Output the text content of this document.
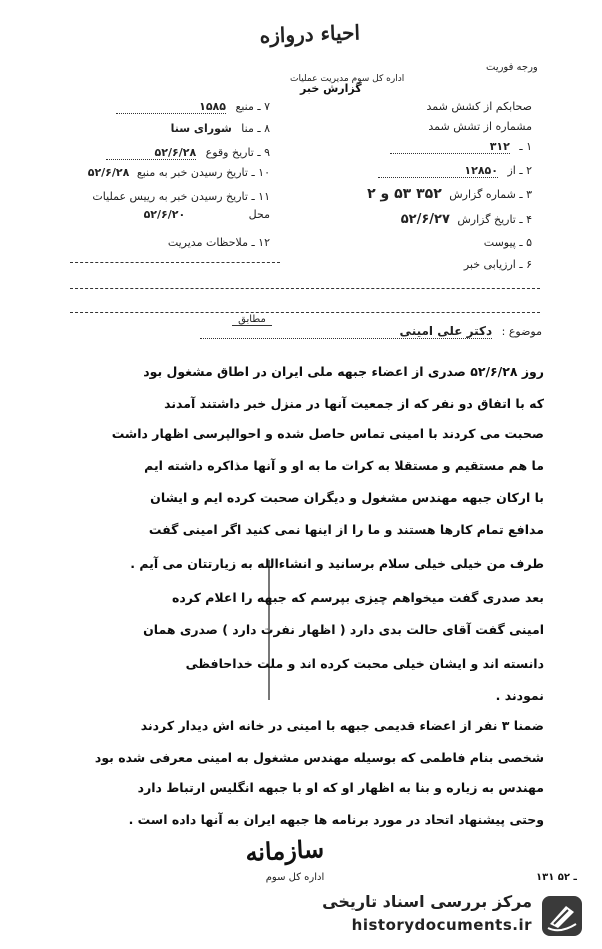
ﺍﺣﯿﺎﺀ ﺩﺭﻭﺍﺯﻩ
ﻭﺭﺟﻪ ﻓﻮﺭﯾﺖ
ﺍﺩﺍﺭﻩ ﮐﻞ ﺳﻮﻡ ﻣﺪﯾﺮﯾﺖ ﻋﻤﻠﯿﺎﺕ
ﮔﺰﺍﺭﺵ ﺧﺒﺮ
ﺻﺤﺎﺑﮑﻢ ﺍﺯ ﮐﺸﺶ ﺷﻤﺪ
ﻣﺸﻤﺎﺭﻩ ﺍﺯ ﺗﺸﺶ ﺷﻤﺪ
۱ ـ ۳۱۲
۲ ـ ﺍﺯ ۱۲۸۵۰
۳ ـ ﺷﻤﺎﺭﻩ ﮔﺰﺍﺭﺵ ۳۵۲ ۵۳ ﻭ ۲
۴ ـ ﺗﺎﺭﯾﺦ ﮔﺰﺍﺭﺵ ۵۲/۶/۲۷
۵ ـ ﭘﯿﻮﺳﺖ
۶ ـ ﺍﺭﺯﯾﺎﺑﯽ ﺧﺒﺮ
۷ ـ ﻣﻨﺒﻊ ۱۵۸۵
۸ ـ ﻣﻨﺎ ﺷﻮﺭﺍﯼ ﺳﻨﺎ
۹ ـ ﺗﺎﺭﯾﺦ ﻭﻗﻮﻉ ۵۲/۶/۲۸
۱۰ ـ ﺗﺎﺭﯾﺦ ﺭﺳﯿﺪﻥ ﺧﺒﺮ ﺑﻪ ﻣﻨﺒﻊ ۵۲/۶/۲۸
۱۱ ـ ﺗﺎﺭﯾﺦ ﺭﺳﯿﺪﻥ ﺧﺒﺮ ﺑﻪ ﺭﯾﯿﺲ ﻋﻤﻠﯿﺎﺕ
ﻣﺤﻞ ۵۲/۶/۲۰
۱۲ ـ ﻣﻼﺣﻈﺎﺕ ﻣﺪﯾﺮﯾﺖ
ﻣﻄﺎﺑﻖ
ﻣﻮﺿﻮﻉ : ﺩﮐﺘﺮ ﻋﻠﯽ ﺍﻣﯿﻨﯽ
ﺭﻭﺯ ۵۲/۶/۲۸ ﺻﺪﺭﯼ ﺍﺯ ﺍﻋﻀﺎﺀ ﺟﺒﻬﻪ ﻣﻠﯽ ﺍﯾﺮﺍﻥ ﺩﺭ ﺍﻃﺎﻕ ﻣﺸﻐﻮﻝ ﺑﻮﺩ
ﮐﻪ ﺑﺎ ﺍﺗﻔﺎﻕ ﺩﻭ ﻧﻔﺮ ﮐﻪ ﺍﺯ ﺟﻤﻌﯿﺖ ﺁﻧﻬﺎ ﺩﺭ ﻣﻨﺰﻝ ﺧﺒﺮ ﺩﺍﺷﺘﻨﺪ ﺁﻣﺪﻧﺪ
ﺻﺤﺒﺖ ﻣﯽ ﮐﺮﺩﻧﺪ ﺑﺎ ﺍﻣﯿﻨﯽ ﺗﻤﺎﺱ ﺣﺎﺻﻞ ﺷﺪﻩ ﻭ ﺍﺣﻮﺍﻟﭙﺮﺳﯽ ﺍﻇﻬﺎﺭ ﺩﺍﺷﺖ
ﻣﺎ ﻫﻢ ﻣﺴﺘﻘﯿﻢ ﻭ ﻣﺴﺘﻘﻼ ﺑﻪ ﮐﺮﺍﺕ ﻣﺎ ﺑﻪ ﺍﻭ ﻭ ﺁﻧﻬﺎ ﻣﺬﺍﮐﺮﻩ ﺩﺍﺷﺘﻪ ﺍﯾﻢ
ﺑﺎ ﺍﺭﮐﺎﻥ ﺟﺒﻬﻪ ﻣﻬﻨﺪﺱ ﻣﺸﻐﻮﻝ ﻭ ﺩﯾﮕﺮﺍﻥ ﺻﺤﺒﺖ ﮐﺮﺩﻩ ﺍﯾﻢ ﻭ ﺍﯾﺸﺎﻥ
ﻣﺪﺍﻓﻊ ﺗﻤﺎﻡ ﮐﺎﺭﻫﺎ ﻫﺴﺘﻨﺪ ﻭ ﻣﺎ ﺭﺍ ﺍﺯ ﺍﯾﻨﻬﺎ ﻧﻤﯽ ﮐﻨﯿﺪ ﺍﮔﺮ ﺍﻣﯿﻨﯽ ﮔﻔﺖ
ﻃﺮﻑ ﻣﻦ ﺧﯿﻠﯽ ﺧﯿﻠﯽ ﺳﻼﻡ ﺑﺮﺳﺎﻧﯿﺪ ﻭ ﺍﻧﺸﺎﺀﺍﻟﻠﻪ ﺑﻪ ﺯﯾﺎﺭﺗﺘﺎﻥ ﻣﯽ ﺁﯾﻢ .
ﺑﻌﺪ ﺻﺪﺭﯼ ﮔﻔﺖ ﻣﯿﺨﻮﺍﻫﻢ ﭼﯿﺰﯼ ﺑﭙﺮﺳﻢ ﮐﻪ ﺟﺒﻬﻪ ﺭﺍ ﺍﻋﻼﻡ ﮐﺮﺩﻩ
ﺍﻣﯿﻨﯽ ﮔﻔﺖ ﺁﻗﺎﯼ ﺣﺎﻟﺖ ﺑﺪﯼ ﺩﺍﺭﺩ ( ﺍﻇﻬﺎﺭ ﻧﻔﺮﺕ ﺩﺍﺭﺩ ) ﺻﺪﺭﯼ ﻫﻤﺎﻥ
ﺩﺍﻧﺴﺘﻪ ﺍﻧﺪ ﻭ ﺍﯾﺸﺎﻥ ﺧﯿﻠﯽ ﻣﺤﺒﺖ ﮐﺮﺩﻩ ﺍﻧﺪ ﻭ ﻣﻠﺖ ﺧﺪﺍﺣﺎﻓﻈﯽ
ﻧﻤﻮﺩﻧﺪ .
ﺿﻤﻨﺎ ۳ ﻧﻔﺮ ﺍﺯ ﺍﻋﻀﺎﺀ ﻗﺪﯾﻤﯽ ﺟﺒﻬﻪ ﺑﺎ ﺍﻣﯿﻨﯽ ﺩﺭ ﺧﺎﻧﻪ ﺍﺵ ﺩﯾﺪﺍﺭ ﮐﺮﺩﻧﺪ
ﺷﺨﺼﯽ ﺑﻨﺎﻡ ﻓﺎﻃﻤﯽ ﮐﻪ ﺑﻮﺳﯿﻠﻪ ﻣﻬﻨﺪﺱ ﻣﺸﻐﻮﻝ ﺑﻪ ﺍﻣﯿﻨﯽ ﻣﻌﺮﻓﯽ ﺷﺪﻩ ﺑﻮﺩ
ﻣﻬﻨﺪﺱ ﺑﻪ ﺯﯾﺎﺭﻩ ﻭ ﺑﻨﺎ ﺑﻪ ﺍﻇﻬﺎﺭ ﺍﻭ ﮐﻪ ﺍﻭ ﺑﺎ ﺟﺒﻬﻪ ﺍﻧﮕﻠﯿﺲ ﺍﺭﺗﺒﺎﻁ ﺩﺍﺭﺩ
ﻭﺣﺘﯽ ﭘﯿﺸﻨﻬﺎﺩ ﺍﺗﺤﺎﺩ ﺩﺭ ﻣﻮﺭﺩ ﺑﺮﻧﺎﻣﻪ ﻫﺎ ﺟﺒﻬﻪ ﺍﯾﺮﺍﻥ ﺑﻪ ﺁﻧﻬﺎ ﺩﺍﺩﻩ ﺍﺳﺖ .
ﺳﺎﺯﻣﺎﻧﻪ
ﺍﺩﺍﺭﻩ ﮐﻞ ﺳﻮﻡ	۱۳۱ ـ ۵۲
ﻣﺮﮐﺰ ﺑﺮﺭﺳﯽ ﺍﺳﻨﺎﺩ ﺗﺎﺭﯾﺨﯽ
historydocuments.ir
